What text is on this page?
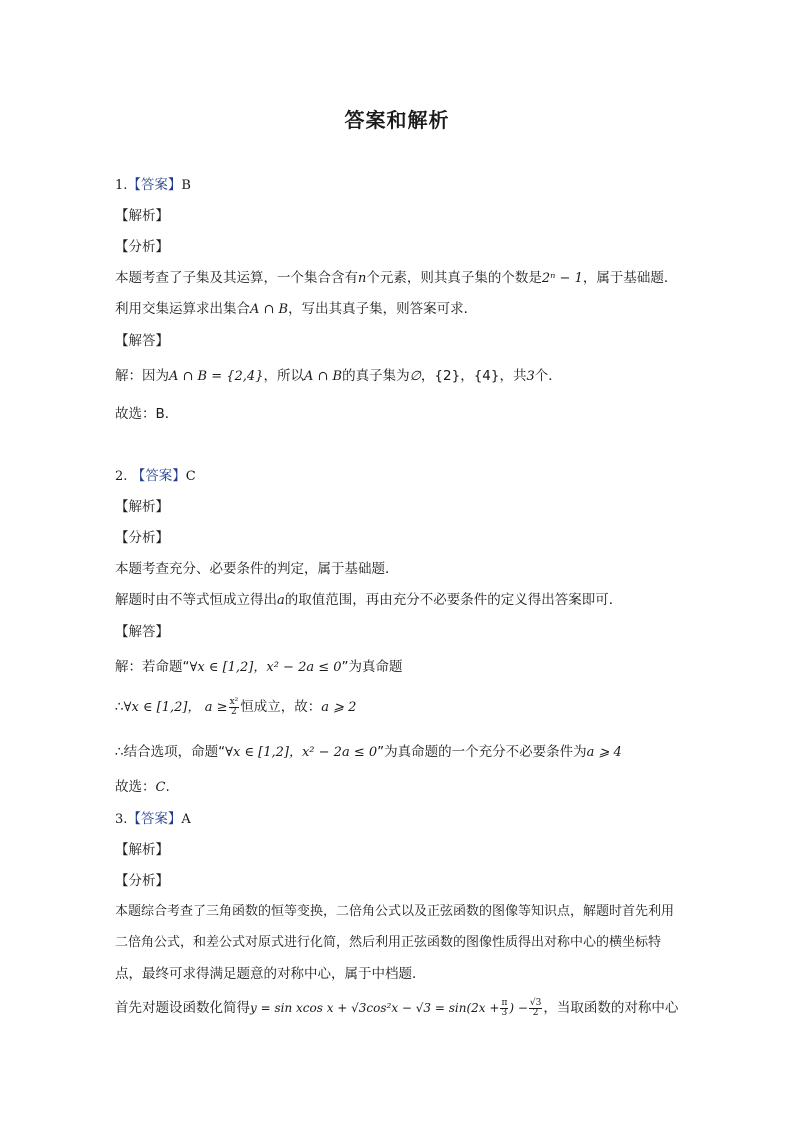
答案和解析
1.【答案】B
【解析】
【分析】
本题考查了子集及其运算，一个集合含有n个元素，则其真子集的个数是2ⁿ − 1，属于基础题．
利用交集运算求出集合A ∩ B，写出其真子集，则答案可求．
【解答】
解：因为A ∩ B = {2,4}，所以A ∩ B的真子集为∅，{2}，{4}，共3个．
故选：B．
2. 【答案】C
【解析】
【分析】
本题考查充分、必要条件的判定，属于基础题．
解题时由不等式恒成立得出a的取值范围，再由充分不必要条件的定义得出答案即可．
【解答】
解：若命题“∀x ∈ [1,2]，x² − 2a ≤ 0”为真命题
∴∀x ∈ [1,2]， $a \ge \frac{\text{x²}}{2}$ 恒成立，故：a ⩾ 2
∴结合选项，命题“∀x ∈ [1,2]，x² − 2a ≤ 0”为真命题的一个充分不必要条件为a ⩾ 4
故选：C.
3.【答案】A
【解析】
【分析】
本题综合考查了三角函数的恒等变换，二倍角公式以及正弦函数的图像等知识点，解题时首先利用
二倍角公式，和差公式对原式进行化简，然后利用正弦函数的图像性质得出对称中心的横坐标特
点，最终可求得满足题意的对称中心，属于中档题．
首先对题设函数化简得y = sin xcos $x + √3\cos^2x - √3 = \sin(2x + \frac{\pi}{3}$ ) − $\frac{√3}{2}$ ，当取函数的对称中心
